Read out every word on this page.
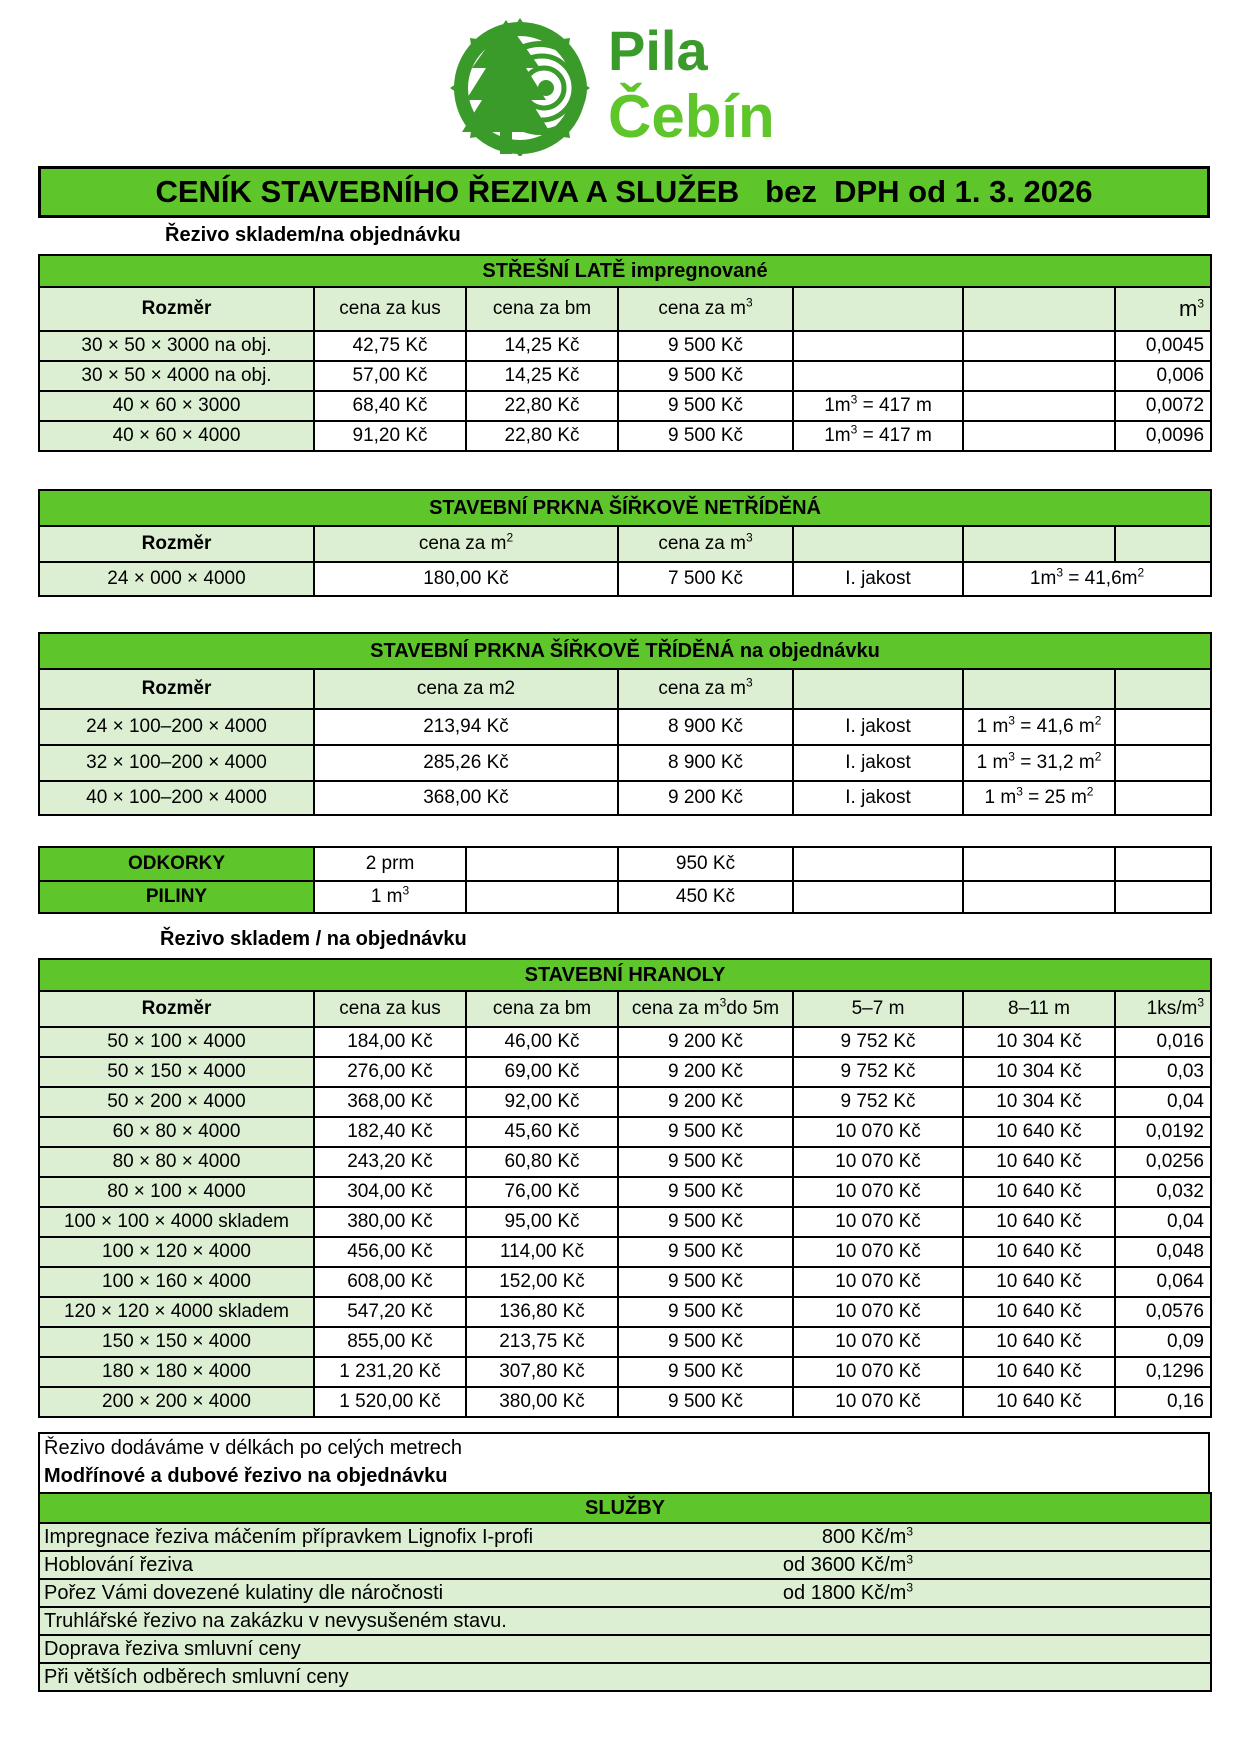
Pila
Čebín
CENÍK STAVEBNÍHO ŘEZIVA A SLUŽEB   bez  DPH od 1. 3. 2026
Řezivo skladem/na objednávku
STŘEŠNÍ LATĚ impregnované						
Rozměr	cena za kus	cena za bm	cena za $m^3$			$m^3$
30 × 50 × 3000 na obj.	42,75 Kč	14,25 Kč	9 500 Kč			0,0045
30 × 50 × 4000 na obj.	57,00 Kč	14,25 Kč	9 500 Kč			0,006
40 × 60 × 3000	68,40 Kč	22,80 Kč	9 500 Kč	$1m^3 = 417$ m		0,0072
40 × 60 × 4000	91,20 Kč	22,80 Kč	9 500 Kč	$1m^3 = 417$ m		0,0096
STAVEBNÍ PRKNA ŠÍŘKOVĚ NETŘÍDĚNÁ					
Rozměr	cena za $m^2$	cena za $m^3$			
24 × 000 × 4000	180,00 Kč	7 500 Kč	I. jakost	$1m^3 = 41,6m^2$
STAVEBNÍ PRKNA ŠÍŘKOVĚ TŘÍDĚNÁ na objednávku					
Rozměr	cena za m2	cena za $m^3$			
24 × 100–200 × 4000	213,94 Kč	8 900 Kč	I. jakost	1 $m^3 = 41,6$ $m^2$	
32 × 100–200 × 4000	285,26 Kč	8 900 Kč	I. jakost	1 $m^3 = 31,2$ $m^2$	
40 × 100–200 × 4000	368,00 Kč	9 200 Kč	I. jakost	1 $m^3 = 25$ $m^2$	
ODKORKY	2 prm		950 Kč			
PILINY	1 $m^3$		450 Kč			
Řezivo skladem / na objednávku
STAVEBNÍ HRANOLY						
Rozměr	cena za kus	cena za bm	cena za $m^3do$ 5m	5–7 m	8–11 m	$1ks/m^3$
50 × 100 × 4000	184,00 Kč	46,00 Kč	9 200 Kč	9 752 Kč	10 304 Kč	0,016
50 × 150 × 4000	276,00 Kč	69,00 Kč	9 200 Kč	9 752 Kč	10 304 Kč	0,03
50 × 200 × 4000	368,00 Kč	92,00 Kč	9 200 Kč	9 752 Kč	10 304 Kč	0,04
60 × 80 × 4000	182,40 Kč	45,60 Kč	9 500 Kč	10 070 Kč	10 640 Kč	0,0192
80 × 80 × 4000	243,20 Kč	60,80 Kč	9 500 Kč	10 070 Kč	10 640 Kč	0,0256
80 × 100 × 4000	304,00 Kč	76,00 Kč	9 500 Kč	10 070 Kč	10 640 Kč	0,032
100 × 100 × 4000 skladem	380,00 Kč	95,00 Kč	9 500 Kč	10 070 Kč	10 640 Kč	0,04
100 × 120 × 4000	456,00 Kč	114,00 Kč	9 500 Kč	10 070 Kč	10 640 Kč	0,048
100 × 160 × 4000	608,00 Kč	152,00 Kč	9 500 Kč	10 070 Kč	10 640 Kč	0,064
120 × 120 × 4000 skladem	547,20 Kč	136,80 Kč	9 500 Kč	10 070 Kč	10 640 Kč	0,0576
150 × 150 × 4000	855,00 Kč	213,75 Kč	9 500 Kč	10 070 Kč	10 640 Kč	0,09
180 × 180 × 4000	1 231,20 Kč	307,80 Kč	9 500 Kč	10 070 Kč	10 640 Kč	0,1296
200 × 200 × 4000	1 520,00 Kč	380,00 Kč	9 500 Kč	10 070 Kč	10 640 Kč	0,16
Řezivo dodáváme v délkách po celých metrech
Modřínové a dubové řezivo na objednávku
SLUŽBY		
Impregnace řeziva máčením přípravkem Lignofix I-profi	800 $Kč/m^3$	
Hoblování řeziva	od 3600 $Kč/m^3$	
Pořez Vámi dovezené kulatiny dle náročnosti	od 1800 $Kč/m^3$	
Truhlářské řezivo na zakázku v nevysušeném stavu.		
Doprava řeziva smluvní ceny		
Při větších odběrech smluvní ceny		
